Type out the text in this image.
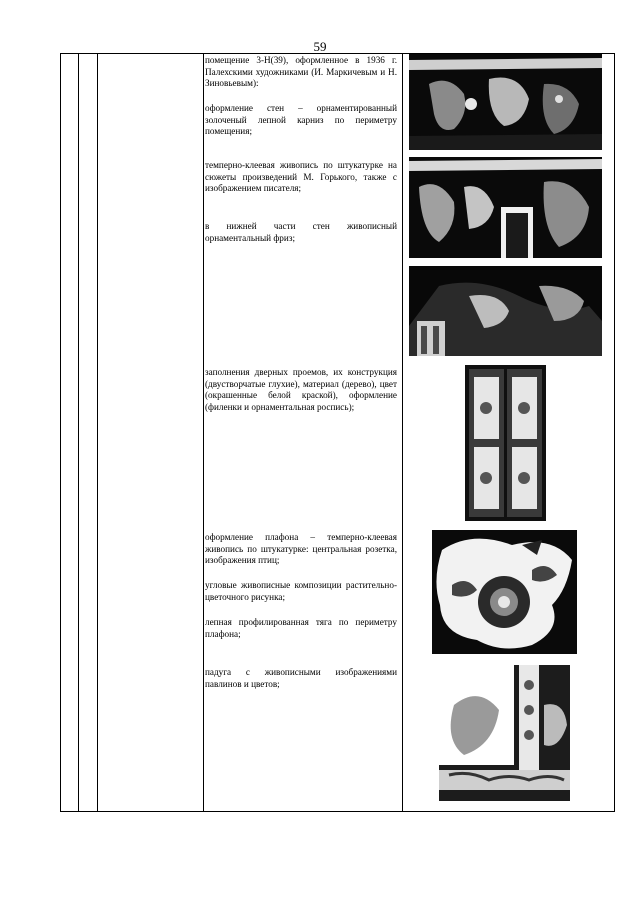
59
помещение 3-Н(39), оформленное в 1936 г. Палехскими художниками (И. Маркичевым и Н. Зиновьевым):
оформление стен – орнаментированный золоченый лепной карниз по периметру помещения;
темперно-клеевая живопись по штукатурке на сюжеты произведений М. Горького, также с изображением писателя;
в нижней части стен живописный орнаментальный фриз;
заполнения дверных проемов, их конструкция (двустворчатые глухие), материал (дерево), цвет (окрашенные белой краской), оформление (филенки и орнаментальная роспись);
оформление плафона – темперно-клеевая живопись по штукатурке: центральная розетка, изображения птиц;
угловые живописные композиции растительно-цветочного рисунка;
лепная профилированная тяга по периметру плафона;
падуга с живописными изображениями павлинов и цветов;
